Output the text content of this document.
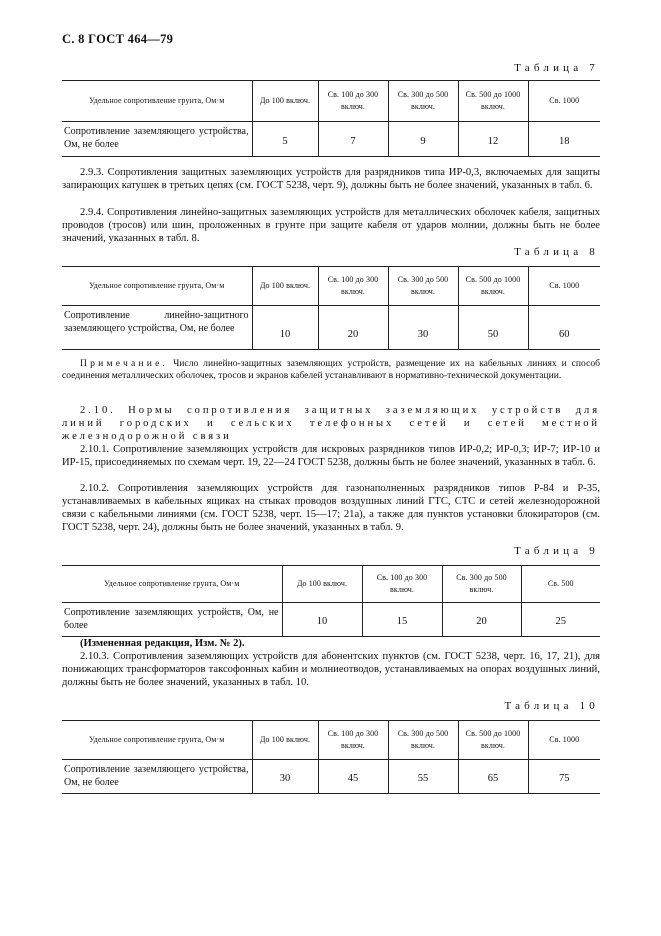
С. 8 ГОСТ 464—79
Таблица 7
Удельное сопротивление грунта, Ом·м	До 100 включ.	Св. 100 до 300 включ.	Св. 300 до 500 включ.	Св. 500 до 1000 включ.	Св. 1000
Сопротивление заземляющего устройства, Ом, не более	5	7	9	12	18

2.9.3. Сопротивления защитных заземляющих устройств для разрядников типа ИР-0,3, включаемых для защиты запирающих катушек в третьих цепях (см. ГОСТ 5238, черт. 9), должны быть не более значений, указанных в табл. 6.

2.9.4. Сопротивления линейно-защитных заземляющих устройств для металлических оболочек кабеля, защитных проводов (тросов) или шин, проложенных в грунте при защите кабеля от ударов молнии, должны быть не более значений, указанных в табл. 8.

Таблица 8
Удельное сопротивление грунта, Ом·м	До 100 включ.	Св. 100 до 300 включ.	Св. 300 до 500 включ.	Св. 500 до 1000 включ.	Св. 1000
Сопротивление линейно-защитного заземляющего устройства, Ом, не более	10	20	30	50	60

Примечание. Число линейно-защитных заземляющих устройств, размещение их на кабельных линиях и способ соединения металлических оболочек, тросов и экранов кабелей устанавливают в нормативно-технической документации.

2.10. Нормы сопротивления защитных заземляющих устройств для линий городских и сельских телефонных сетей и сетей местной железнодорожной связи

2.10.1. Сопротивление заземляющих устройств для искровых разрядников типов ИР-0,2; ИР-0,3; ИР-7; ИР-10 и ИР-15, присоединяемых по схемам черт. 19, 22—24 ГОСТ 5238, должны быть не более значений, указанных в табл. 6.

2.10.2. Сопротивления заземляющих устройств для газонаполненных разрядников типов Р-84 и Р-35, устанавливаемых в кабельных ящиках на стыках проводов воздушных линий ГТС, СТС и сетей железнодорожной связи с кабельными линиями (см. ГОСТ 5238, черт. 15—17; 21а), а также для пунктов установки блокираторов (см. ГОСТ 5238, черт. 24), должны быть не более значений, указанных в табл. 9.

Таблица 9
Удельное сопротивление грунта, Ом·м	До 100 включ.	Св. 100 до 300 включ.	Св. 300 до 500 включ.	Св. 500
Сопротивление заземляющих устройств, Ом, не более	10	15	20	25

(Измененная редакция, Изм. № 2).

2.10.3. Сопротивления заземляющих устройств для абонентских пунктов (см. ГОСТ 5238, черт. 16, 17, 21), для понижающих трансформаторов таксофонных кабин и молниеотводов, устанавливаемых на опорах воздушных линий, должны быть не более значений, указанных в табл. 10.

Таблица 10
Удельное сопротивление грунта, Ом·м	До 100 включ.	Св. 100 до 300 включ.	Св. 300 до 500 включ.	Св. 500 до 1000 включ.	Св. 1000
Сопротивление заземляющего устройства, Ом, не более	30	45	55	65	75
